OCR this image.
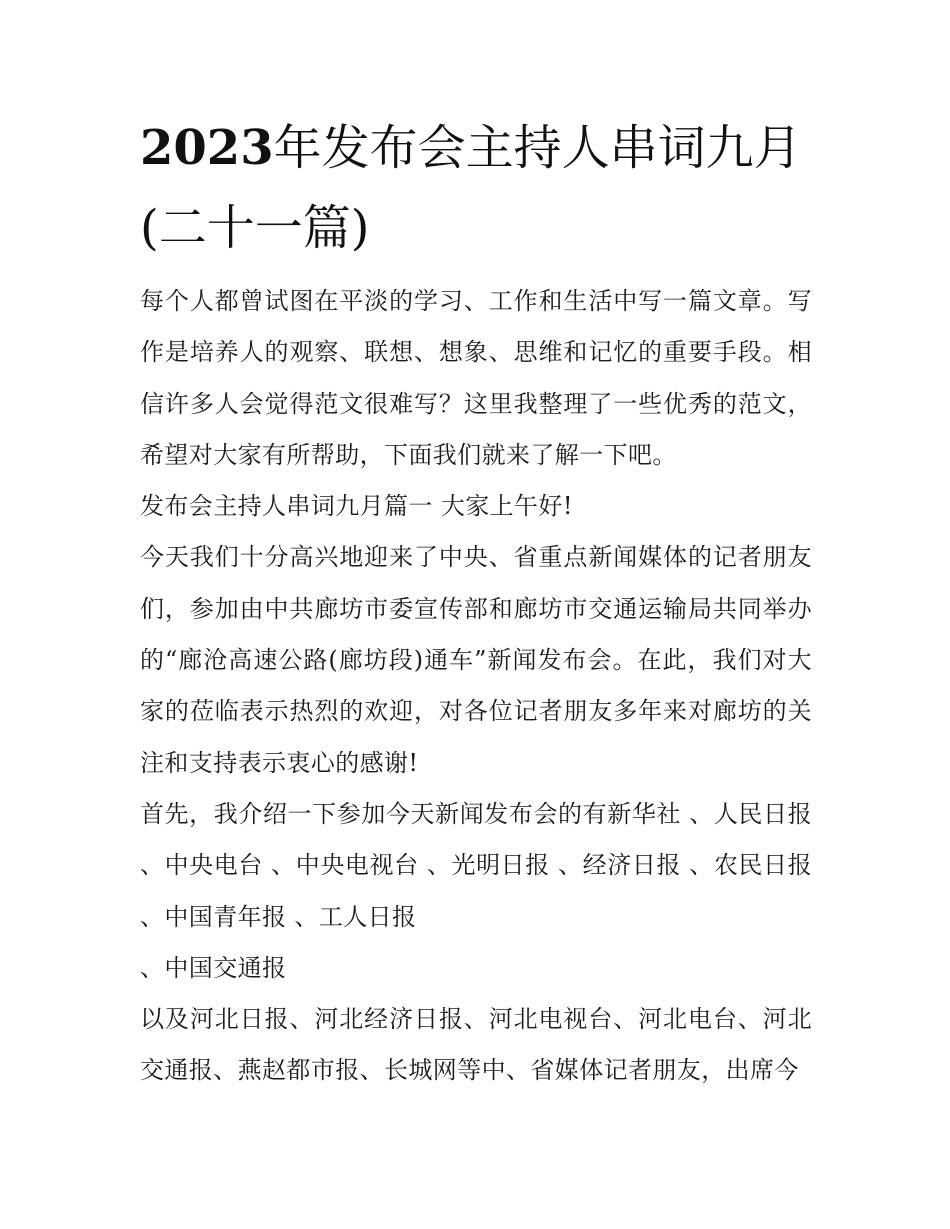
2023年发布会主持人串词九月(二十一篇)

每个人都曾试图在平淡的学习、工作和生活中写一篇文章。写作是培养人的观察、联想、想象、思维和记忆的重要手段。相信许多人会觉得范文很难写？这里我整理了一些优秀的范文，希望对大家有所帮助，下面我们就来了解一下吧。

发布会主持人串词九月篇一 大家上午好!

今天我们十分高兴地迎来了中央、省重点新闻媒体的记者朋友们，参加由中共廊坊市委宣传部和廊坊市交通运输局共同举办的“廊沧高速公路(廊坊段)通车”新闻发布会。在此，我们对大家的莅临表示热烈的欢迎，对各位记者朋友多年来对廊坊的关注和支持表示衷心的感谢!

首先，我介绍一下参加今天新闻发布会的有新华社 、人民日报 、中央电台 、中央电视台 、光明日报 、经济日报 、农民日报 、中国青年报 、工人日报

、中国交通报

以及河北日报、河北经济日报、河北电视台、河北电台、河北交通报、燕赵都市报、长城网等中、省媒体记者朋友，出席今
